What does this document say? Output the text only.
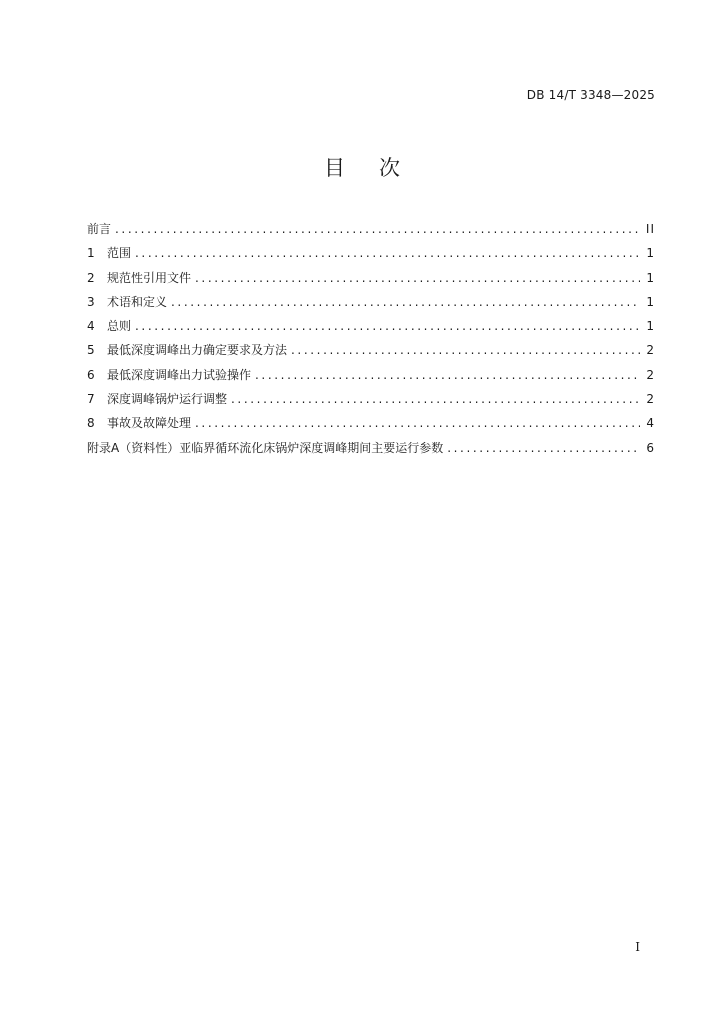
DB 14/T 3348—2025
目 次
前言 .....	II
1	范围 .....	1
2	规范性引用文件 .....	1
3	术语和定义 .....	1
4	总则 .....	1
5	最低深度调峰出力确定要求及方法 .....	2
6	最低深度调峰出力试验操作 .....	2
7	深度调峰锅炉运行调整 .....	2
8	事故及故障处理 .....	4
附录A（资料性）亚临界循环流化床锅炉深度调峰期间主要运行参数 .....	6
I
